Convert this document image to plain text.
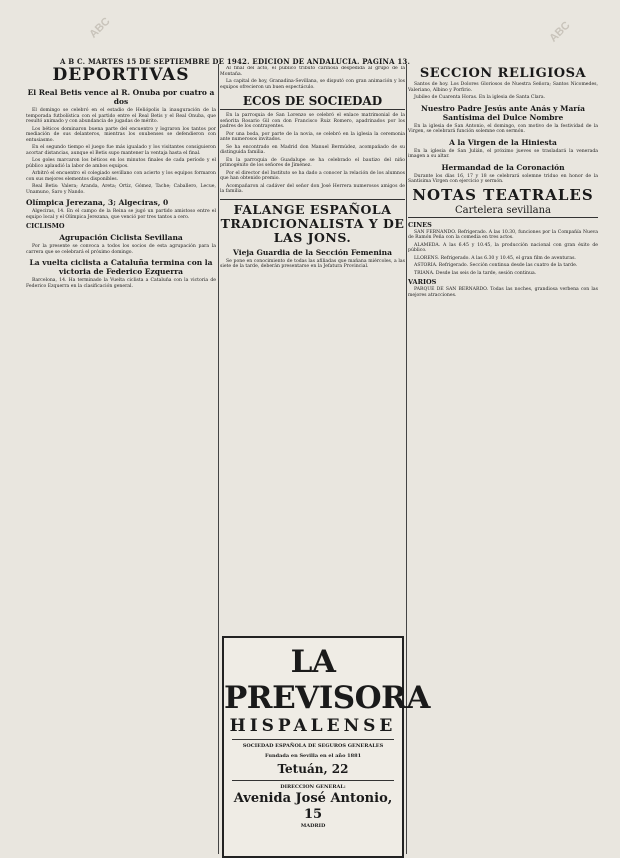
ABC	ABC
A B C. MARTES 15 DE SEPTIEMBRE DE 1942. EDICION DE ANDALUCIA. PAGINA 13.
DEPORTIVAS
El Real Betis vence al R. Onuba por cuatro a dos

El domingo se celebró en el estadio de Heliópolis la inauguración de la temporada futbolística con el partido entre el Real Betis y el Real Onuba, que resultó animado y con abundancia de jugadas de mérito.

Los béticos dominaron buena parte del encuentro y lograron los tantos por mediación de sus delanteros, mientras los onubenses se defendieron con entusiasmo.

En el segundo tiempo el juego fue más igualado y los visitantes consiguieron acortar distancias, aunque el Betis supo mantener la ventaja hasta el final.

Los goles marcaron los béticos en los minutos finales de cada período y el público aplaudió la labor de ambos equipos.

Arbitró el encuentro el colegiado sevillano con acierto y los equipos formaron con sus mejores elementos disponibles.

Real Betis: Valera; Aranda, Areta; Ortiz, Gómez, Tache; Caballero, Lecue, Unamuno, Saro y Nando.

Olímpica Jerezana, 3; Algeciras, 0

Algeciras, 14. En el campo de la Reina se jugó un partido amistoso entre el equipo local y el Olímpica Jerezana, que venció por tres tantos a cero.

CICLISMO
Agrupación Ciclista Sevillana

Por la presente se convoca a todos los socios de esta agrupación para la carrera que se celebrará el próximo domingo.

La vuelta ciclista a Cataluña termina con la victoria de Federico Ezquerra

Barcelona, 14. Ha terminado la Vuelta ciclista a Cataluña con la victoria de Federico Ezquerra en la clasificación general.

Al final del acto, el público tributó cariñosa despedida al grupo de la Montaña.

La capital de hoy, Granadina-Sevillana, se disputó con gran animación y los equipos ofrecieron un buen espectáculo.

ECOS DE SOCIEDAD

En la parroquia de San Lorenzo se celebró el enlace matrimonial de la señorita Rosario Gil con don Francisco Ruiz Romero, apadrinados por los padres de los contrayentes.

Por una boda, por parte de la novia, se celebró en la iglesia la ceremonia ante numerosos invitados.

Se ha encontrado en Madrid don Manuel Bermúdez, acompañado de su distinguida familia.

En la parroquia de Guadalupe se ha celebrado el bautizo del niño primogénito de los señores de Jiménez.

Por el director del Instituto se ha dado a conocer la relación de los alumnos que han obtenido premio.

Acompañaron al cadáver del señor don José Herrera numerosos amigos de la familia.

FALANGE ESPAÑOLA TRADICIONALISTA Y DE LAS JONS.
Vieja Guardia de la Sección Femenina

Se pone en conocimiento de todas las afiliadas que mañana miércoles, a las siete de la tarde, deberán presentarse en la Jefatura Provincial.

LA PREVISORA
HISPALENSE
SOCIEDAD ESPAÑOLA DE SEGUROS GENERALES
Fundada en Sevilla en el año 1881
Tetuán, 22
DIRECCION GENERAL:
Avenida José Antonio, 15
MADRID
SECCION RELIGIOSA

Santos de hoy. Los Dolores Gloriosos de Nuestra Señora; Santos Nicomedes, Valeriano, Albino y Porfirio.

Jubileo de Cuarenta Horas. En la iglesia de Santa Clara.

Nuestro Padre Jesús ante Anás y María Santísima del Dulce Nombre

En la iglesia de San Antonio, el domingo, con motivo de la festividad de la Virgen, se celebrará función solemne con sermón.

A la Virgen de la Hiniesta

En la iglesia de San Julián, el próximo jueves se trasladará la venerada imagen a su altar.

Hermandad de la Coronación

Durante los días 16, 17 y 18 se celebrará solemne triduo en honor de la Santísima Virgen con ejercicio y sermón.

NOTAS TEATRALES
Cartelera sevillana
CINES

SAN FERNANDO. Refrigerado. A las 10.30, funciones por la Compañía Nueva de Ramón Peña con la comedia en tres actos.

ALAMEDA. A las 6.45 y 10.45, la producción nacional con gran éxito de público.

LLORENS. Refrigerado. A las 6.30 y 10.45, el gran film de aventuras.

ASTORIA. Refrigerado. Sección continua desde las cuatro de la tarde.

TRIANA. Desde las seis de la tarde, sesión continua.

VARIOS

PARQUE DE SAN BERNARDO. Todas las noches, grandiosa verbena con las mejores atracciones.
